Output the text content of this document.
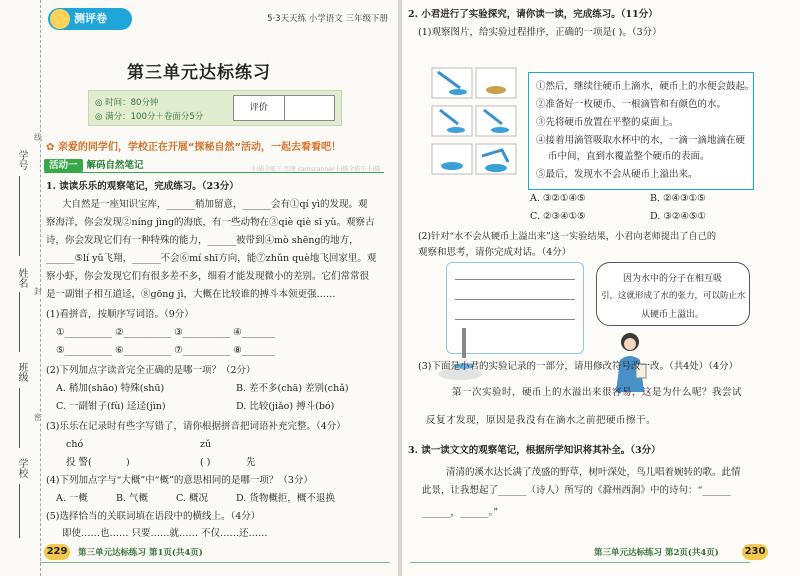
学号
姓名
班级
学校
线
封
密
测评卷	5·3天天练 小学语文 三年级下册
第三单元达标练习
◎ 时间：80分钟
◎ 满分：100分＋卷面分5分
评价
✿ 亲爱的同学们，学校正在开展“探秘自然”活动，一起去看看吧！
活动一 解码自然笔记	扫描全能王 创建 camscanner 扫描全能王 扫描
1. 读读乐乐的观察笔记，完成练习。（23分）
大自然是一座知识宝库，______稍加留意，______会有①qí yì的发现。观
察海洋，你会发现②níng jìng的海底，有一些动物在③qiè qiè sī yǔ。观察古
诗，你会发现它们有一种特殊的能力，______被带到④mò shēng的地方，
______⑤lí yǔ飞翔，______不会⑥mí shī方向，能⑦zhǔn què地飞回家里。观
察小虾，你会发现它们有很多差不多，细看才能发现微小的差别。它们常常很
是一副钳子相互道迳，⑧gōng jì，大概在比较谁的搏斗本领更强……
(1)看拼音，按顺序写词语。（9分）
①__________ ②__________ ③__________ ④_______
⑤__________ ⑥__________ ⑦__________ ⑧_______
(2)下列加点字读音完全正确的是哪一项？（2分）
A. 稍加(shāo) 特殊(shū)	B. 差不多(chā) 差别(chǎ)
C. 一副钳子(fù) 迳迳(jìn)	D. 比较(jiǎo) 搏斗(bó)
(3)乐乐在记录时有些字写错了，请你根据拼音把词语补充完整。（4分）
chó
投 警(	)
zǔ
( )	先
(4)下列加点字与“大概”中“概”的意思相同的是哪一项？（3分）
A. 一概	B. 气概	C. 概况	D. 货物概拒，概不退换
(5)选择恰当的关联词填在语段中的横线上。（4分）
即使……也…… 只要……就…… 不仅……还……
229	第三单元达标练习 第1页(共4页)
2. 小君进行了实验探究，请你读一读，完成练习。（11分）
(1)观察图片，给实验过程排序，正确的一项是( )。（3分）
①然后，继续往硬币上滴水，硬币上的水便会鼓起。
②准备好一枚硬币、一根滴管和有颜色的水。
③先将硬币放置在平整的桌面上。
④接着用滴管吸取水杯中的水，一滴一滴地滴在硬
币中间，直到水覆盖整个硬币的表面。
⑤最后，发现水不会从硬币上溢出来。
A. ③②①④⑤	B. ②④③①⑤
C. ②③④①⑤	D. ③②④⑤①
(2)针对“水不会从硬币上溢出来”这一实验结果，小君向老师提出了自己的
观察和思考，请你完成对话。（4分）
因为水中的分子在相互吸
引，这就形成了水的张力，可以防止水
从硬币上溢出。
(3)下面是小君的实验记录的一部分，请用修改符号改一改。（共4处）（4分）
第一次实验时，硬币上的水溢出来很容易，这是为什么呢？我尝试
反复才发现，原因是我没有在滴水之前把硬币擦干。
3. 读一读文文的观察笔记，根据所学知识将其补全。（3分）
清清的溪水达长满了茂盛的野草，树叶深处，鸟儿唱着婉转的歌。此情
此景，让我想起了______（诗人）所写的《滁州西涧》中的诗句：“______
______，______。”
第三单元达标练习 第2页(共4页)	230
